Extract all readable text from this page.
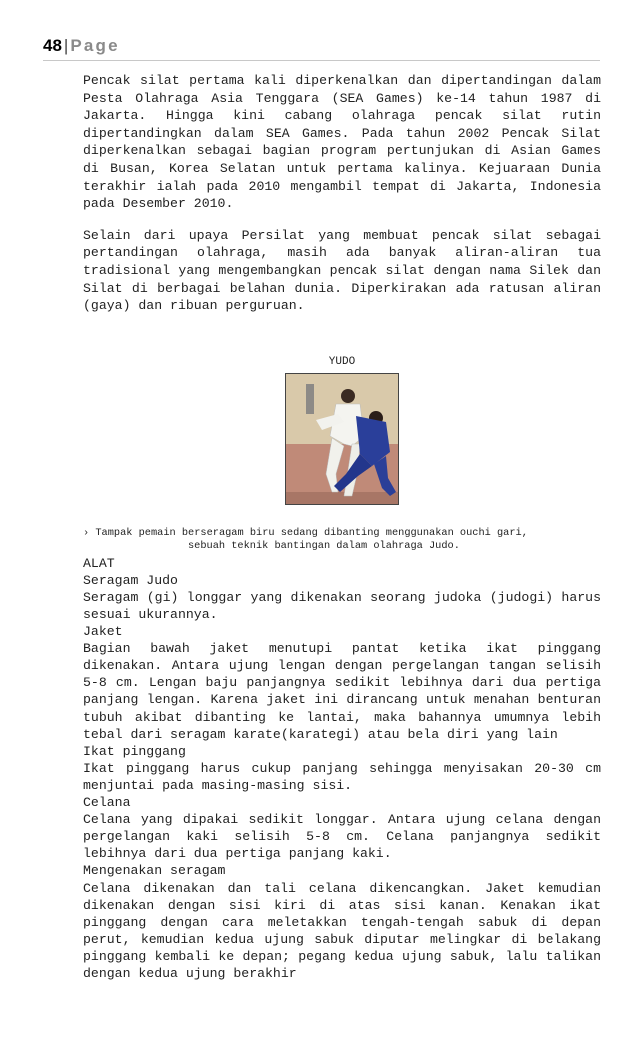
48 | Page

Pencak silat pertama kali diperkenalkan dan dipertandingan dalam Pesta Olahraga Asia Tenggara (SEA Games) ke-14 tahun 1987 di Jakarta. Hingga kini cabang olahraga pencak silat rutin dipertandingkan dalam SEA Games. Pada tahun 2002 Pencak Silat diperkenalkan sebagai bagian program pertunjukan di Asian Games di Busan, Korea Selatan untuk pertama kalinya. Kejuaraan Dunia terakhir ialah pada 2010 mengambil tempat di Jakarta, Indonesia pada Desember 2010.

Selain dari upaya Persilat yang membuat pencak silat sebagai pertandingan olahraga, masih ada banyak aliran-aliran tua tradisional yang mengembangkan pencak silat dengan nama Silek dan Silat di berbagai belahan dunia. Diperkirakan ada ratusan aliran (gaya) dan ribuan perguruan.

YUDO
› Tampak pemain berseragam biru sedang dibanting menggunakan ouchi gari,
sebuah teknik bantingan dalam olahraga Judo.
ALAT
Seragam Judo
Seragam (gi) longgar yang dikenakan seorang judoka (judogi) harus sesuai ukurannya.
Jaket
Bagian bawah jaket menutupi pantat ketika ikat pinggang dikenakan. Antara ujung lengan dengan pergelangan tangan selisih 5-8 cm. Lengan baju panjangnya sedikit lebihnya dari dua pertiga panjang lengan. Karena jaket ini dirancang untuk menahan benturan tubuh akibat dibanting ke lantai, maka bahannya umumnya lebih tebal dari seragam karate(karategi) atau bela diri yang lain
Ikat pinggang
Ikat pinggang harus cukup panjang sehingga menyisakan 20-30 cm menjuntai pada masing-masing sisi.
Celana
Celana yang dipakai sedikit longgar. Antara ujung celana dengan pergelangan kaki selisih 5-8 cm. Celana panjangnya sedikit lebihnya dari dua pertiga panjang kaki.
Mengenakan seragam
Celana dikenakan dan tali celana dikencangkan. Jaket kemudian dikenakan dengan sisi kiri di atas sisi kanan. Kenakan ikat pinggang dengan cara meletakkan tengah-tengah sabuk di depan perut, kemudian kedua ujung sabuk diputar melingkar di belakang pinggang kembali ke depan; pegang kedua ujung sabuk, lalu talikan dengan kedua ujung berakhir
